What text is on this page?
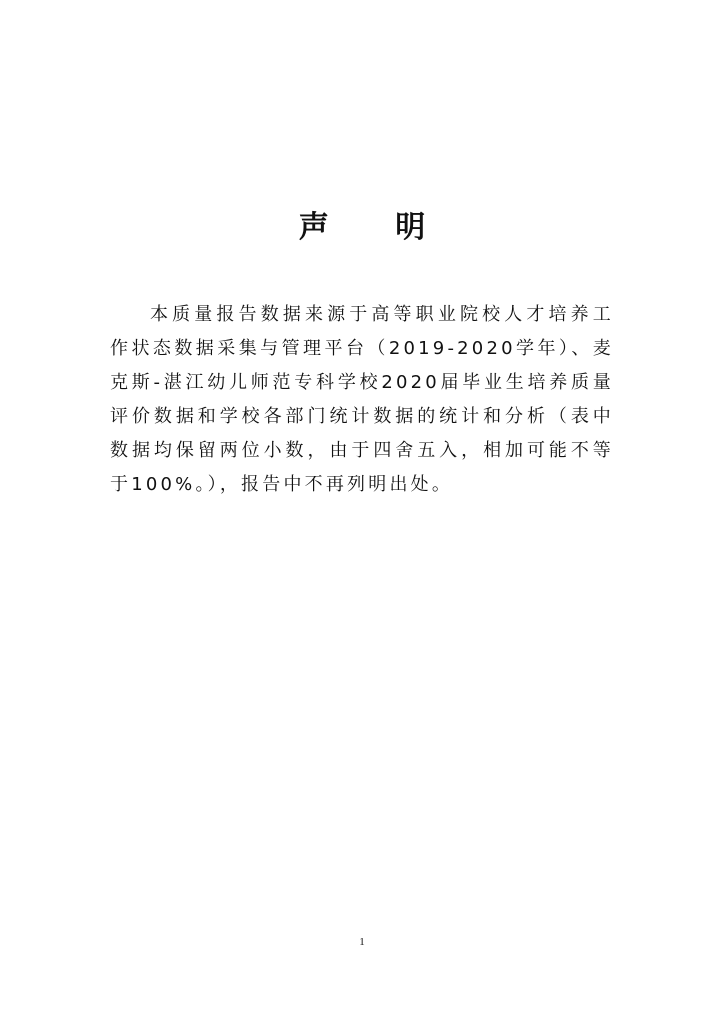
声 明

本质量报告数据来源于高等职业院校人才培养工作状态数据采集与管理平台（2019-2020学年）、麦克斯-湛江幼儿师范专科学校2020届毕业生培养质量评价数据和学校各部门统计数据的统计和分析（表中数据均保留两位小数，由于四舍五入，相加可能不等于100%。），报告中不再列明出处。

1
